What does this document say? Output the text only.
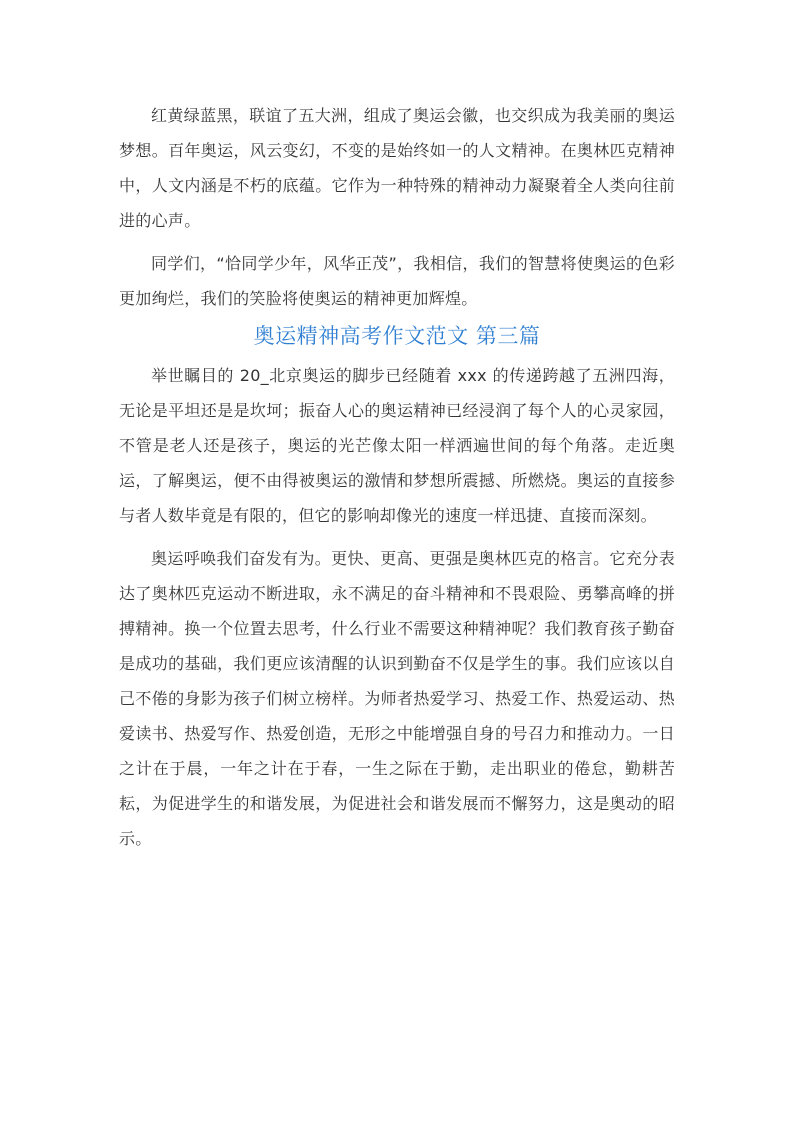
红黄绿蓝黑，联谊了五大洲，组成了奥运会徽，也交织成为我美丽的奥运梦想。百年奥运，风云变幻，不变的是始终如一的人文精神。在奥林匹克精神中，人文内涵是不朽的底蕴。它作为一种特殊的精神动力凝聚着全人类向往前进的心声。

同学们，“恰同学少年，风华正茂”，我相信，我们的智慧将使奥运的色彩更加绚烂，我们的笑脸将使奥运的精神更加辉煌。

奥运精神高考作文范文 第三篇

举世瞩目的 20_北京奥运的脚步已经随着 xxx 的传递跨越了五洲四海，无论是平坦还是是坎坷；振奋人心的奥运精神已经浸润了每个人的心灵家园，不管是老人还是孩子，奥运的光芒像太阳一样洒遍世间的每个角落。走近奥运，了解奥运，便不由得被奥运的激情和梦想所震撼、所燃烧。奥运的直接参与者人数毕竟是有限的，但它的影响却像光的速度一样迅捷、直接而深刻。

奥运呼唤我们奋发有为。更快、更高、更强是奥林匹克的格言。它充分表达了奥林匹克运动不断进取，永不满足的奋斗精神和不畏艰险、勇攀高峰的拼搏精神。换一个位置去思考，什么行业不需要这种精神呢？我们教育孩子勤奋是成功的基础，我们更应该清醒的认识到勤奋不仅是学生的事。我们应该以自己不倦的身影为孩子们树立榜样。为师者热爱学习、热爱工作、热爱运动、热爱读书、热爱写作、热爱创造，无形之中能增强自身的号召力和推动力。一日之计在于晨，一年之计在于春，一生之际在于勤，走出职业的倦怠，勤耕苦耘，为促进学生的和谐发展，为促进社会和谐发展而不懈努力，这是奥动的昭示。
